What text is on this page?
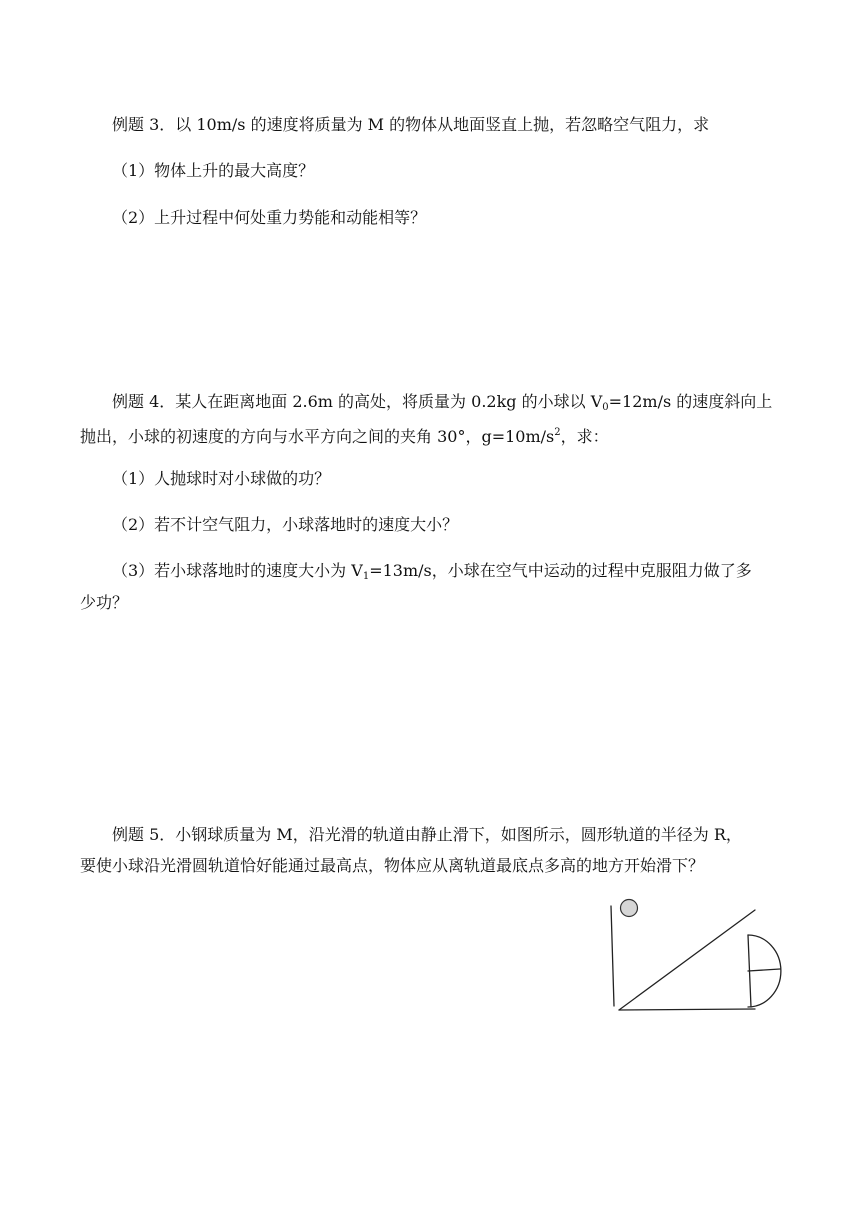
例题 3．以 10m/s 的速度将质量为 M 的物体从地面竖直上抛，若忽略空气阻力，求
（1）物体上升的最大高度？
（2）上升过程中何处重力势能和动能相等？
例题 4．某人在距离地面 2.6m 的高处，将质量为 0.2kg 的小球以 $V_0=12m/s$ 的速度斜向上
抛出，小球的初速度的方向与水平方向之间的夹角 30°，$g=10m/s^2$，求：
（1）人抛球时对小球做的功？
（2）若不计空气阻力，小球落地时的速度大小？
（3）若小球落地时的速度大小为 $V_1=13m/s$，小球在空气中运动的过程中克服阻力做了多
少功？
例题 5．小钢球质量为 M，沿光滑的轨道由静止滑下，如图所示，圆形轨道的半径为 R，
要使小球沿光滑圆轨道恰好能通过最高点，物体应从离轨道最底点多高的地方开始滑下？
